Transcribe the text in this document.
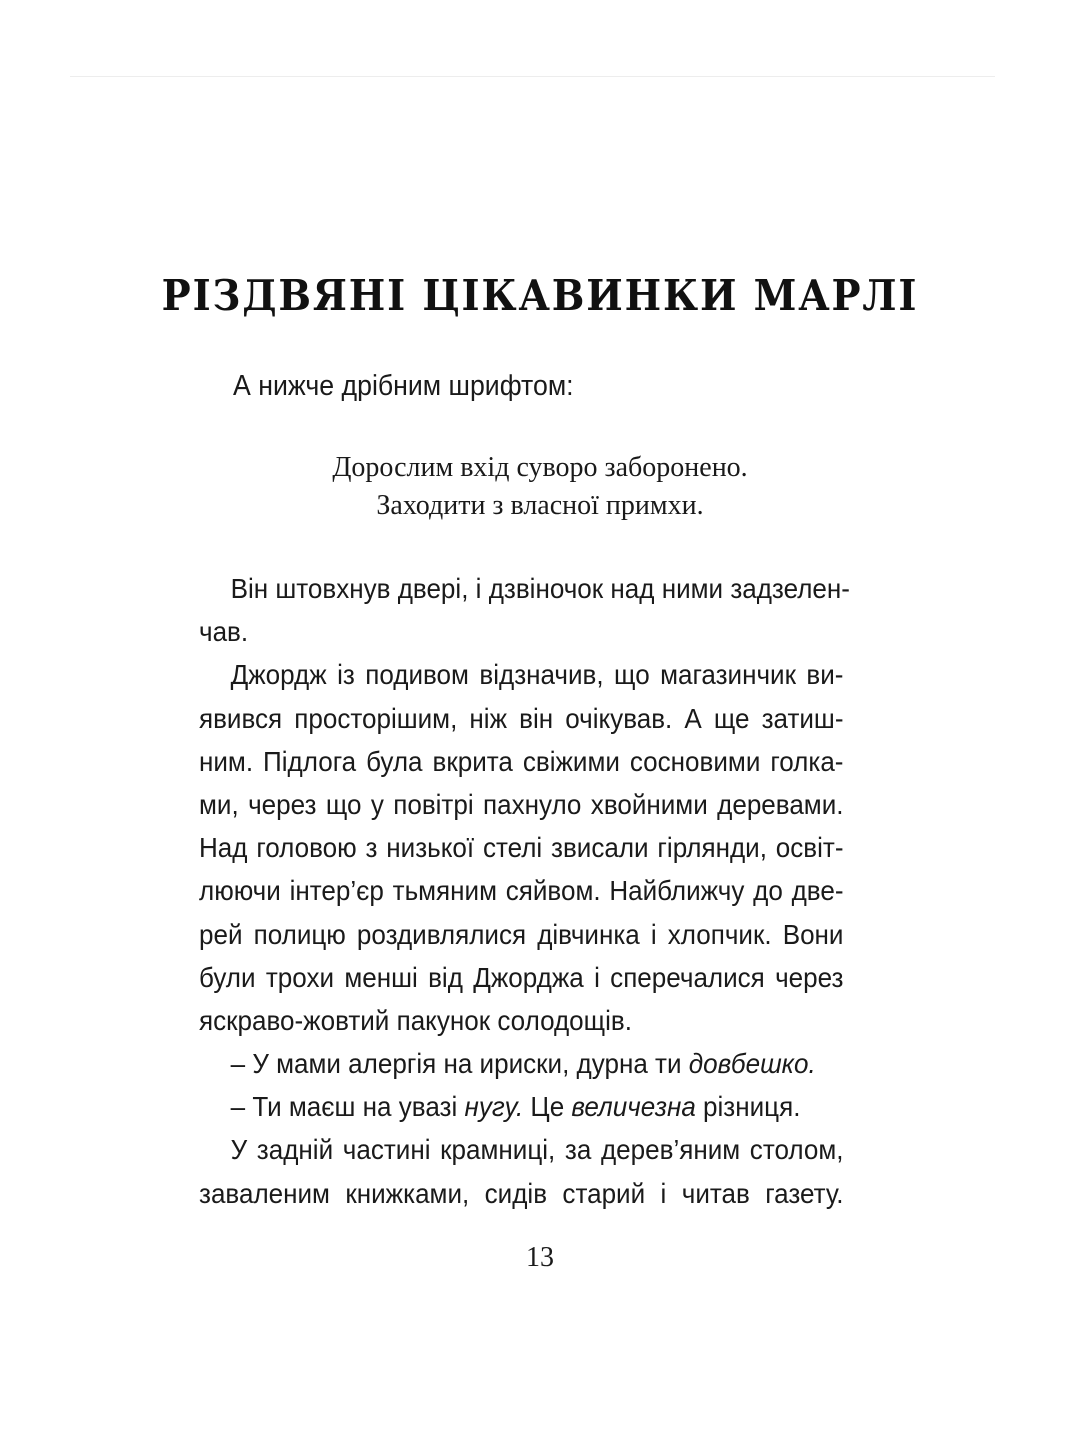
РІЗДВЯНІ ЦІКАВИНКИ МАРЛІ

А нижче дрібним шрифтом:

Дорослим вхід суворо заборонено.

Заходити з власної примхи.

Він штовхнув двері, і дзвіночок над ними задзелен-
чав.
Джордж із подивом відзначив, що магазинчик ви-
явився просторішим, ніж він очікував. А ще затиш-
ним. Підлога була вкрита свіжими сосновими голка-
ми, через що у повітрі пахнуло хвойними деревами.
Над головою з низької стелі звисали гірлянди, освіт-
люючи інтер’єр тьмяним сяйвом. Найближчу до две-
рей полицю роздивлялися дівчинка і хлопчик. Вони
були трохи менші від Джорджа і сперечалися через
яскраво-жовтий пакунок солодощів.
– У мами алергія на ириски, дурна ти довбешко.
– Ти маєш на увазі нугу. Це величезна різниця.
У задній частині крамниці, за дерев’яним столом,
заваленим книжками, сидів старий і читав газету.

13
